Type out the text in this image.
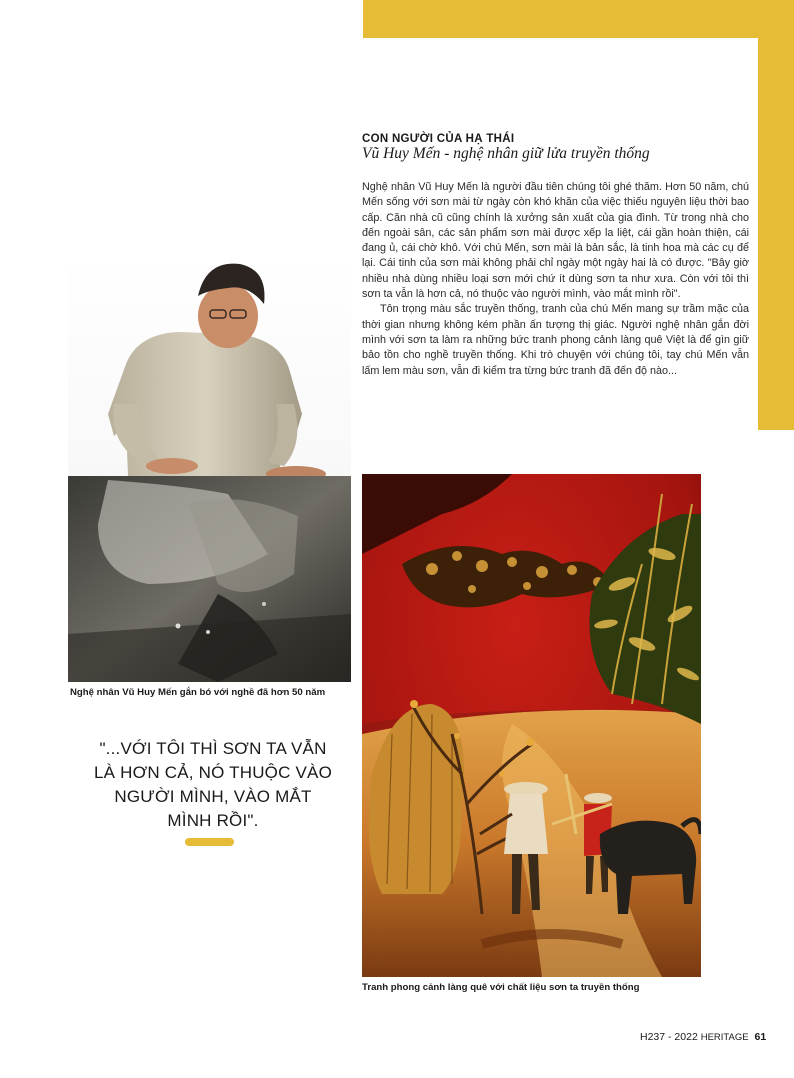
CON NGƯỜI CỦA HẠ THÁI
Vũ Huy Mến - nghệ nhân giữ lửa truyền thống

Nghệ nhân Vũ Huy Mến là người đầu tiên chúng tôi ghé thăm. Hơn 50 năm, chú Mến sống với sơn mài từ ngày còn khó khăn của việc thiếu nguyên liệu thời bao cấp. Căn nhà cũ cũng chính là xưởng sản xuất của gia đình. Từ trong nhà cho đến ngoài sân, các sản phẩm sơn mài được xếp la liệt, cái gần hoàn thiện, cái đang ủ, cái chờ khô. Với chú Mến, sơn mài là bản sắc, là tinh hoa mà các cụ để lại. Cái tinh của sơn mài không phải chỉ ngày một ngày hai là có được. "Bây giờ nhiều nhà dùng nhiều loại sơn mới chứ ít dùng sơn ta như xưa. Còn với tôi thì sơn ta vẫn là hơn cả, nó thuộc vào người mình, vào mắt mình rồi".

Tôn trọng màu sắc truyền thống, tranh của chú Mến mang sự trầm mặc của thời gian nhưng không kém phần ấn tượng thị giác. Người nghệ nhân gắn đời mình với sơn ta làm ra những bức tranh phong cảnh làng quê Việt là để gìn giữ bảo tồn cho nghề truyền thống. Khi trò chuyện với chúng tôi, tay chú Mến vẫn lấm lem màu sơn, vẫn đi kiểm tra từng bức tranh đã đến độ nào...

Nghệ nhân Vũ Huy Mến gắn bó với nghề đã hơn 50 năm
"...VỚI TÔI THÌ SƠN TA VẪN
LÀ HƠN CẢ, NÓ THUỘC VÀO
NGƯỜI MÌNH, VÀO MẮT
MÌNH RỒI".
Tranh phong cảnh làng quê với chất liệu sơn ta truyền thống
H237 - 2022 HERITAGE 61
